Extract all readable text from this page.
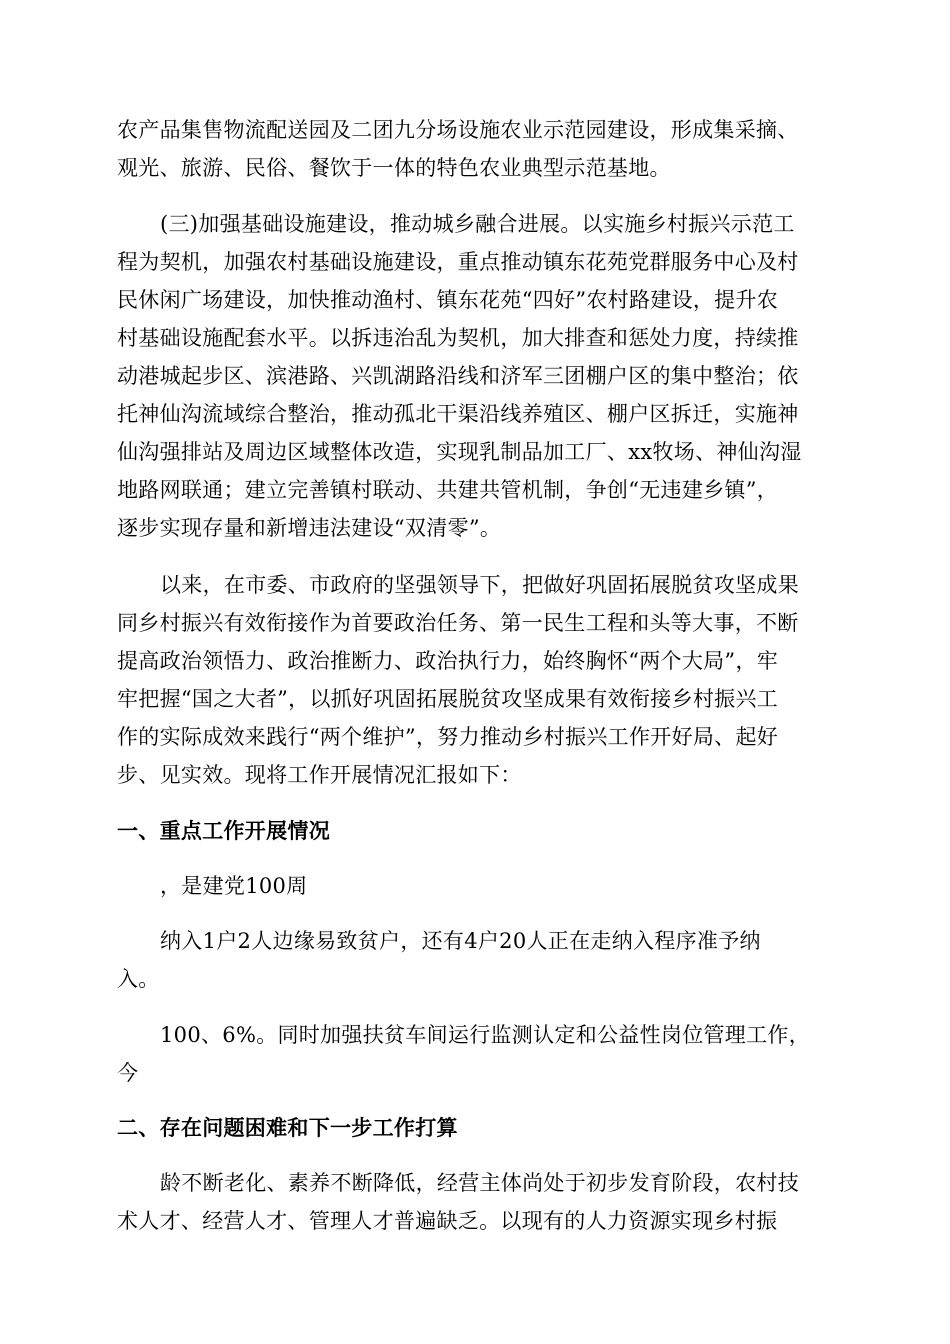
农产品集售物流配送园及二团九分场设施农业示范园建设，形成集采摘、
观光、旅游、民俗、餐饮于一体的特色农业典型示范基地。
(三)加强基础设施建设，推动城乡融合进展。以实施乡村振兴示范工
程为契机，加强农村基础设施建设，重点推动镇东花苑党群服务中心及村
民休闲广场建设，加快推动渔村、镇东花苑“四好”农村路建设，提升农
村基础设施配套水平。以拆违治乱为契机，加大排查和惩处力度，持续推
动港城起步区、滨港路、兴凯湖路沿线和济军三团棚户区的集中整治；依
托神仙沟流域综合整治，推动孤北干渠沿线养殖区、棚户区拆迁，实施神
仙沟强排站及周边区域整体改造，实现乳制品加工厂、xx牧场、神仙沟湿
地路网联通；建立完善镇村联动、共建共管机制，争创“无违建乡镇”，
逐步实现存量和新增违法建设“双清零”。
以来，在市委、市政府的坚强领导下，把做好巩固拓展脱贫攻坚成果
同乡村振兴有效衔接作为首要政治任务、第一民生工程和头等大事，不断
提高政治领悟力、政治推断力、政治执行力，始终胸怀“两个大局”，牢
牢把握“国之大者”，以抓好巩固拓展脱贫攻坚成果有效衔接乡村振兴工
作的实际成效来践行“两个维护”，努力推动乡村振兴工作开好局、起好
步、见实效。现将工作开展情况汇报如下：
一、重点工作开展情况
，是建党100周
纳入1户2人边缘易致贫户，还有4户20人正在走纳入程序准予纳
入。
100、6%。同时加强扶贫车间运行监测认定和公益性岗位管理工作，
今
二、存在问题困难和下一步工作打算
龄不断老化、素养不断降低，经营主体尚处于初步发育阶段，农村技
术人才、经营人才、管理人才普遍缺乏。以现有的人力资源实现乡村振
